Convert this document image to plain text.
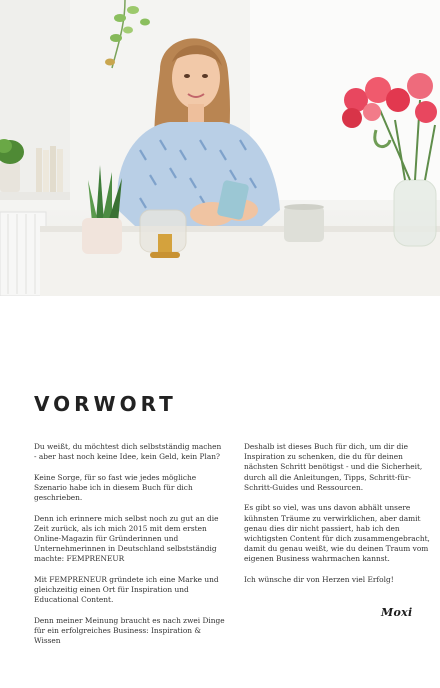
VORWORT

Du weißt, du möchtest dich selbstständig machen - aber hast noch keine Idee, kein Geld, kein Plan?

Keine Sorge, für so fast wie jedes mögliche Szenario habe ich in diesem Buch für dich geschrieben.

Denn ich erinnere mich selbst noch zu gut an die Zeit zurück, als ich mich 2015 mit dem ersten Online-Magazin für Gründerinnen und Unternehmerinnen in Deutschland selbstständig machte: FEMPRENEUR

Mit FEMPRENEUR gründete ich eine Marke und gleichzeitig einen Ort für Inspiration und Educational Content.

Denn meiner Meinung braucht es nach zwei Dinge für ein erfolgreiches Business: Inspiration & Wissen

Deshalb ist dieses Buch für dich, um dir die Inspiration zu schenken, die du für deinen nächsten Schritt benötigst - und die Sicherheit, durch all die Anleitungen, Tipps, Schritt-für-Schritt-Guides und Ressourcen.

Es gibt so viel, was uns davon abhält unsere kühnsten Träume zu verwirklichen, aber damit genau dies dir nicht passiert, hab ich den wichtigsten Content für dich zusammengebracht, damit du genau weißt, wie du deinen Traum vom eigenen Business wahrmachen kannst.

Ich wünsche dir von Herzen viel Erfolg!

Moxi
